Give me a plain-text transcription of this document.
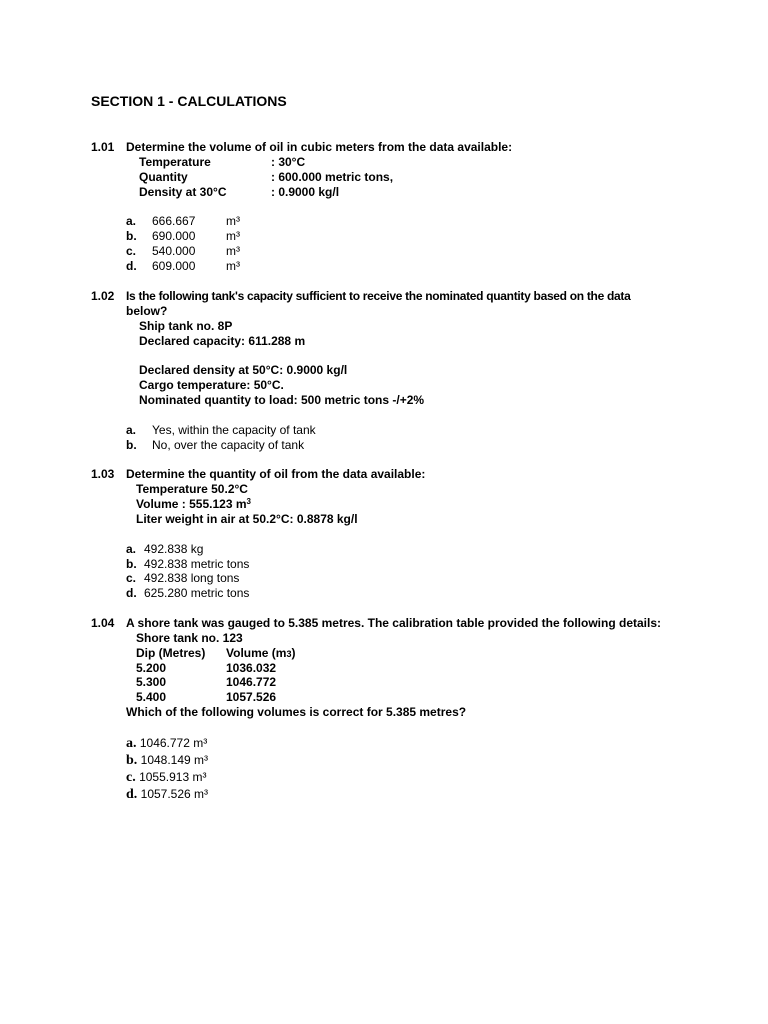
SECTION 1 - CALCULATIONS
1.01 Determine the volume of oil in cubic meters from the data available:
Temperature	: 30°C
Quantity	: 600.000 metric tons,
Density at 30°C	: 0.9000 kg/l
a. 666.667	m³
b. 690.000	m³
c. 540.000	m³
d. 609.000	m³
1.02 Is the following tank's capacity sufficient to receive the nominated quantity based on the data
below?
Ship tank no. 8P
Declared capacity: 611.288 m
Declared density at 50°C: 0.9000 kg/l
Cargo temperature: 50°C.
Nominated quantity to load: 500 metric tons -/+2%
a. Yes, within the capacity of tank
b. No, over the capacity of tank
1.03 Determine the quantity of oil from the data available:
Temperature 50.2°C
Volume : 555.123 $m^3$
Liter weight in air at 50.2°C: 0.8878 kg/l
a. 492.838 kg
b. 492.838 metric tons
c. 492.838 long tons
d. 625.280 metric tons
1.04 A shore tank was gauged to 5.385 metres. The calibration table provided the following details:
Shore tank no. 123
Dip (Metres) Volume (m3)
5.200	1036.032
5.300	1046.772
5.400	1057.526
Which of the following volumes is correct for 5.385 metres?
a. 1046.772 m³
b. 1048.149 m³
c. 1055.913 m³
d. 1057.526 m³
